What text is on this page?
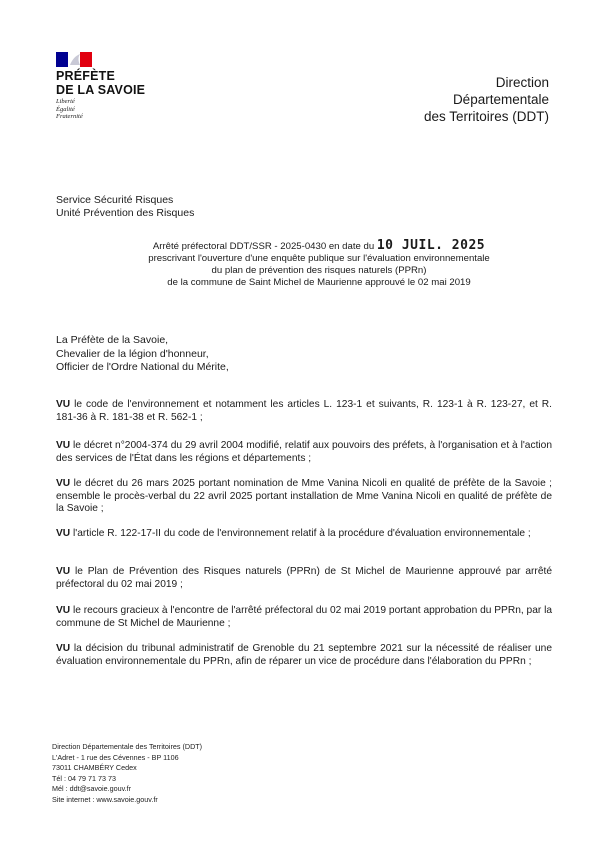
PRÉFÈTE
DE LA SAVOIE
Liberté
Égalité
Fraternité
Direction
Départementale
des Territoires (DDT)
Service Sécurité Risques
Unité Prévention des Risques
Arrêté préfectoral DDT/SSR - 2025-0430 en date du 10 JUIL. 2025
prescrivant l'ouverture d'une enquête publique sur l'évaluation environnementale
du plan de prévention des risques naturels (PPRn)
de la commune de Saint Michel de Maurienne approuvé le 02 mai 2019
La Préfète de la Savoie,
Chevalier de la légion d'honneur,
Officier de l'Ordre National du Mérite,
VU le code de l'environnement et notamment les articles L. 123-1 et suivants, R. 123-1 à R. 123-27, et R. 181-36 à R. 181-38 et R. 562-1 ;
VU le décret n°2004-374 du 29 avril 2004 modifié, relatif aux pouvoirs des préfets, à l'organisation et à l'action des services de l'État dans les régions et départements ;
VU le décret du 26 mars 2025 portant nomination de Mme Vanina Nicoli en qualité de préfète de la Savoie ; ensemble le procès-verbal du 22 avril 2025 portant installation de Mme Vanina Nicoli en qualité de préfète de la Savoie ;
VU l'article R. 122-17-II du code de l'environnement relatif à la procédure d'évaluation environnementale ;
VU le Plan de Prévention des Risques naturels (PPRn) de St Michel de Maurienne approuvé par arrêté préfectoral du 02 mai 2019 ;
VU le recours gracieux à l'encontre de l'arrêté préfectoral du 02 mai 2019 portant approbation du PPRn, par la commune de St Michel de Maurienne ;
VU la décision du tribunal administratif de Grenoble du 21 septembre 2021 sur la nécessité de réaliser une évaluation environnementale du PPRn, afin de réparer un vice de procédure dans l'élaboration du PPRn ;
Direction Départementale des Territoires (DDT)
L'Adret - 1 rue des Cévennes - BP 1106
73011 CHAMBÉRY Cedex
Tél : 04 79 71 73 73
Mél : ddt@savoie.gouv.fr
Site internet : www.savoie.gouv.fr
